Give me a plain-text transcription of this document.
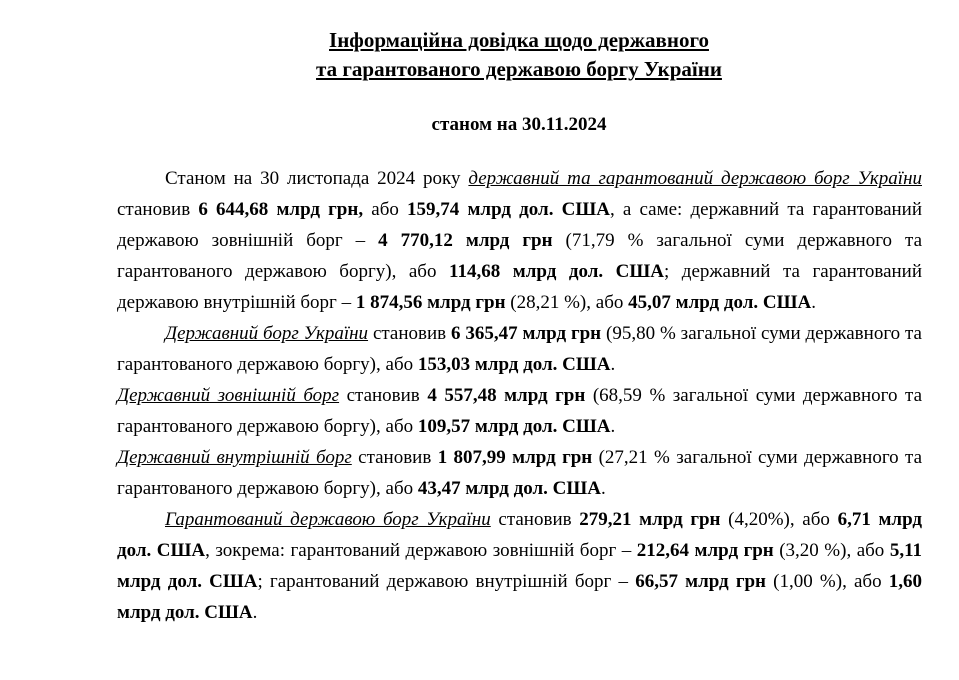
Інформаційна довідка щодо державного
та гарантованого державою боргу України
станом на 30.11.2024

Станом на 30 листопада 2024 року державний та гарантований державою борг України становив 6 644,68 млрд грн, або 159,74 млрд дол. США, а саме: державний та гарантований державою зовнішній борг – 4 770,12 млрд грн (71,79 % загальної суми державного та гарантованого державою боргу), або 114,68 млрд дол. США; державний та гарантований державою внутрішній борг – 1 874,56 млрд грн (28,21 %), або 45,07 млрд дол. США.

Державний борг України становив 6 365,47 млрд грн (95,80 % загальної суми державного та гарантованого державою боргу), або 153,03 млрд дол. США.

Державний зовнішній борг становив 4 557,48 млрд грн (68,59 % загальної суми державного та гарантованого державою боргу), або 109,57 млрд дол. США.

Державний внутрішній борг становив 1 807,99 млрд грн (27,21 % загальної суми державного та гарантованого державою боргу), або 43,47 млрд дол. США.

Гарантований державою борг України становив 279,21 млрд грн (4,20%), або 6,71 млрд дол. США, зокрема: гарантований державою зовнішній борг – 212,64 млрд грн (3,20 %), або 5,11 млрд дол. США; гарантований державою внутрішній борг – 66,57 млрд грн (1,00 %), або 1,60 млрд дол. США.
